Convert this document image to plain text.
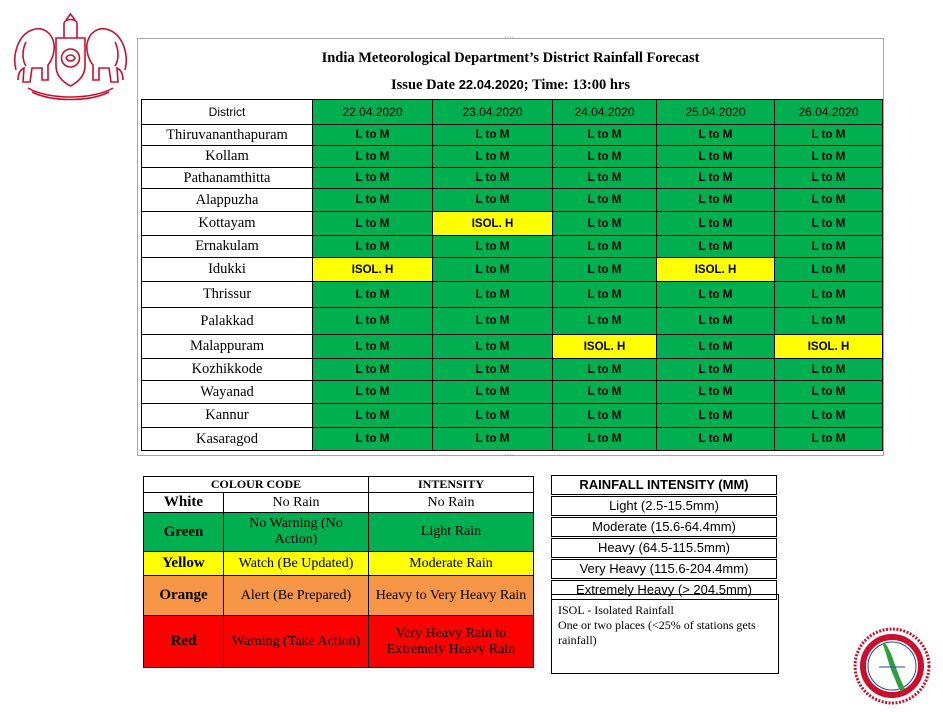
India Meteorological Department’s District Rainfall Forecast
Issue Date 22.04.2020; Time: 13:00 hrs
District	22.04.2020	23.04.2020	24.04.2020	25.04.2020	26.04.2020
Thiruvananthapuram	L to M	L to M	L to M	L to M	L to M
Kollam	L to M	L to M	L to M	L to M	L to M
Pathanamthitta	L to M	L to M	L to M	L to M	L to M
Alappuzha	L to M	L to M	L to M	L to M	L to M
Kottayam	L to M	ISOL. H	L to M	L to M	L to M
Ernakulam	L to M	L to M	L to M	L to M	L to M
Idukki	ISOL. H	L to M	L to M	ISOL. H	L to M
Thrissur	L to M	L to M	L to M	L to M	L to M
Palakkad	L to M	L to M	L to M	L to M	L to M
Malappuram	L to M	L to M	ISOL. H	L to M	ISOL. H
Kozhikkode	L to M	L to M	L to M	L to M	L to M
Wayanad	L to M	L to M	L to M	L to M	L to M
Kannur	L to M	L to M	L to M	L to M	L to M
Kasaragod	L to M	L to M	L to M	L to M	L to M
····
····
:
COLOUR CODE		INTENSITY
White	No Rain	No Rain
Green	No Warning (No Action)	Light Rain
Yellow	Watch (Be Updated)	Moderate Rain
Orange	Alert (Be Prepared)	Heavy to Very Heavy Rain
Red	Warning (Take Action)	Very Heavy Rain to Extremely Heavy Rain
RAINFALL INTENSITY (MM)
Light (2.5-15.5mm)
Moderate (15.6-64.4mm)
Heavy (64.5-115.5mm)
Very Heavy (115.6-204.4mm)
Extremely Heavy (> 204.5mm)
ISOL - Isolated Rainfall
One or two places (<25% of stations gets rainfall)
